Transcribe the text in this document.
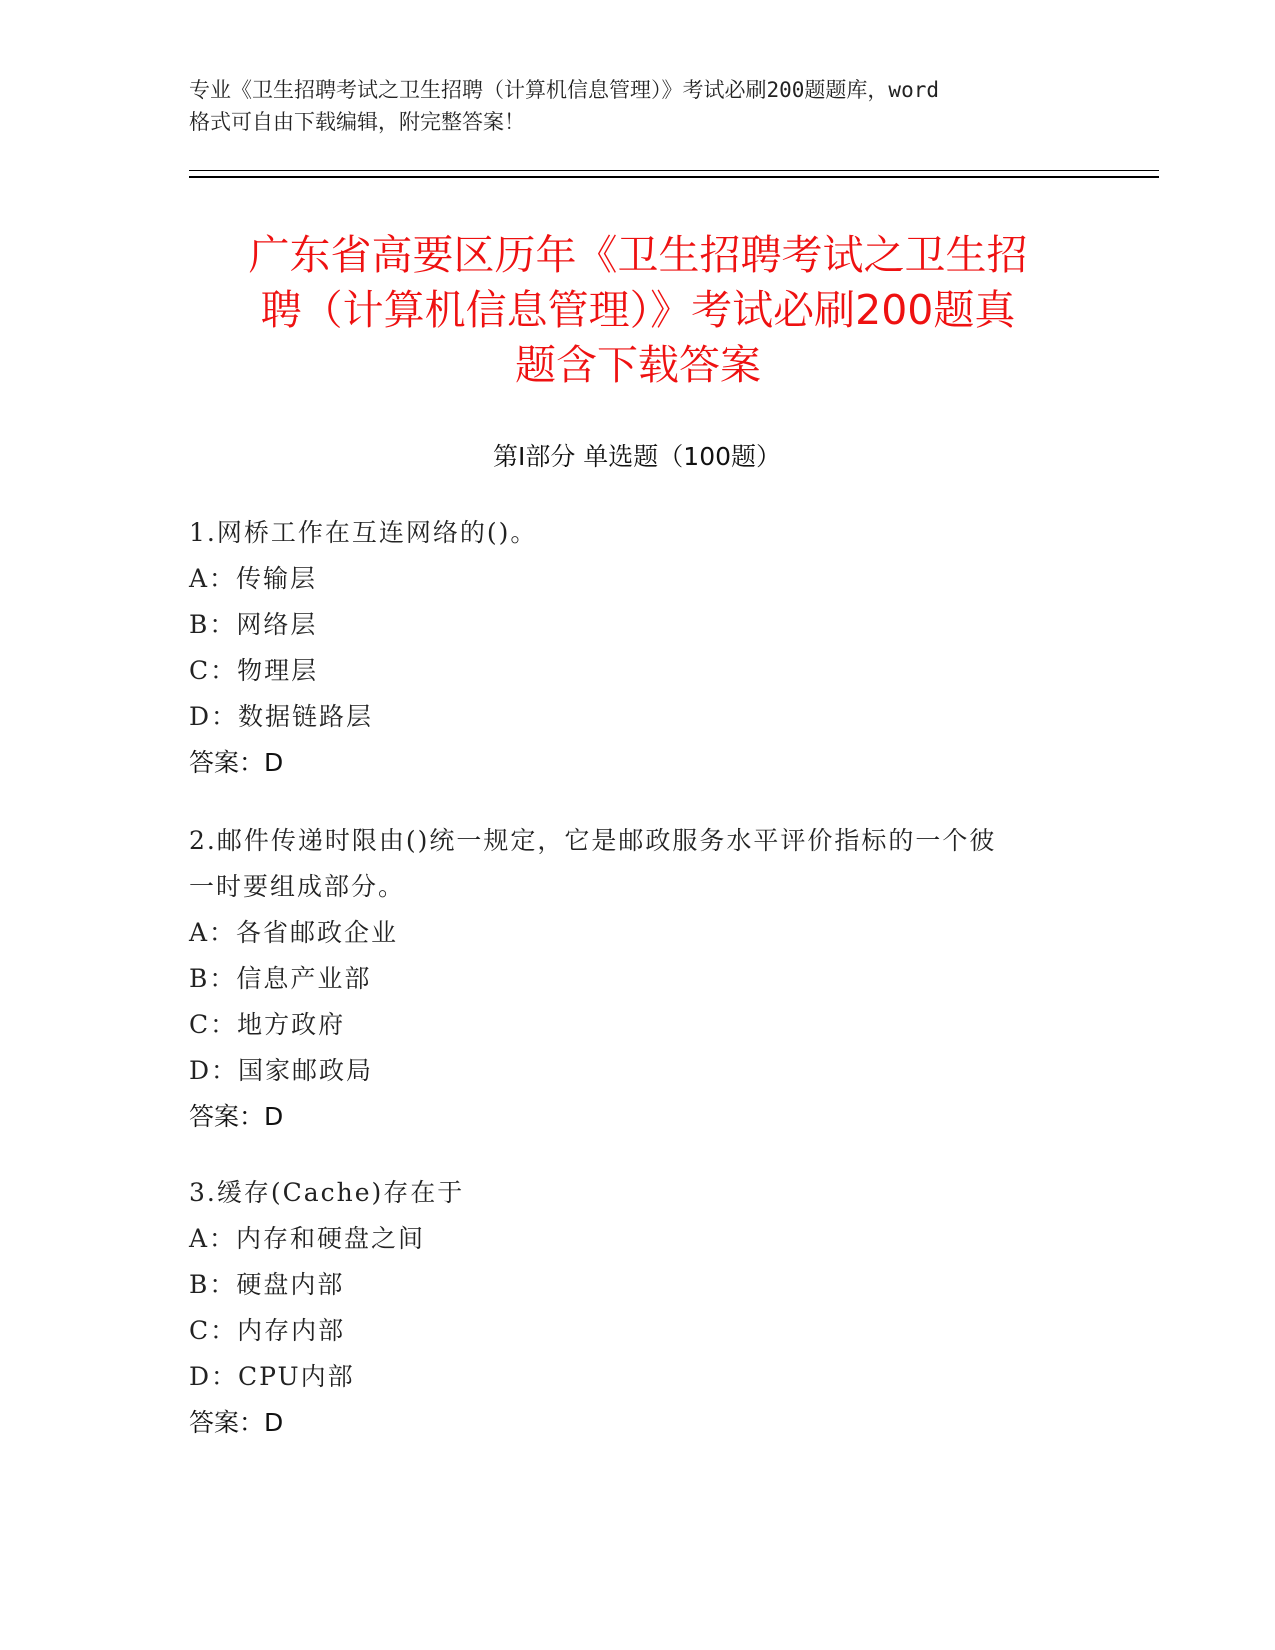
专业《卫生招聘考试之卫生招聘（计算机信息管理）》考试必刷200题题库，word
格式可自由下载编辑，附完整答案！
广东省高要区历年《卫生招聘考试之卫生招
聘（计算机信息管理）》考试必刷200题真
题含下载答案
第Ⅰ部分 单选题（100题）
1.网桥工作在互连网络的()。
A：传输层
B：网络层
C：物理层
D：数据链路层
答案：D
2.邮件传递时限由()统一规定，它是邮政服务水平评价指标的一个彼
一时要组成部分。
A：各省邮政企业
B：信息产业部
C：地方政府
D：国家邮政局
答案：D
3.缓存(Cache)存在于
A：内存和硬盘之间
B：硬盘内部
C：内存内部
D：CPU内部
答案：D
